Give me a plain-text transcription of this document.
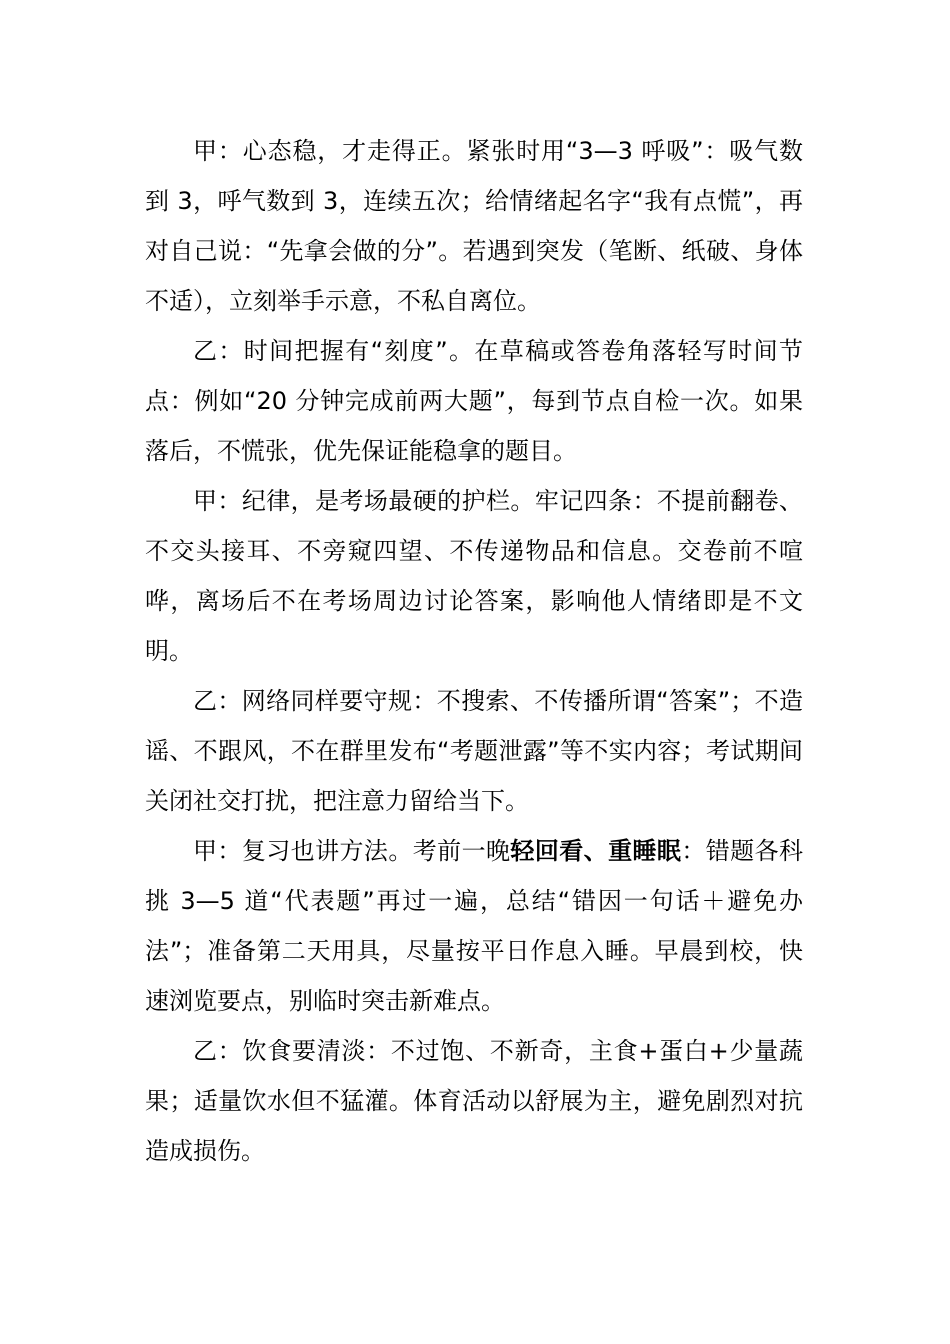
甲：心态稳，才走得正。紧张时用“3—3 呼吸”：吸气数到 3，呼气数到 3，连续五次；给情绪起名字“我有点慌”，再对自己说：“先拿会做的分”。若遇到突发（笔断、纸破、身体不适），立刻举手示意，不私自离位。

乙：时间把握有“刻度”。在草稿或答卷角落轻写时间节点：例如“20 分钟完成前两大题”，每到节点自检一次。如果落后，不慌张，优先保证能稳拿的题目。

甲：纪律，是考场最硬的护栏。牢记四条：不提前翻卷、不交头接耳、不旁窥四望、不传递物品和信息。交卷前不喧哗，离场后不在考场周边讨论答案，影响他人情绪即是不文明。

乙：网络同样要守规：不搜索、不传播所谓“答案”；不造谣、不跟风，不在群里发布“考题泄露”等不实内容；考试期间关闭社交打扰，把注意力留给当下。

甲：复习也讲方法。考前一晚轻回看、重睡眠：错题各科挑 3—5 道“代表题”再过一遍，总结“错因一句话＋避免办法”；准备第二天用具，尽量按平日作息入睡。早晨到校，快速浏览要点，别临时突击新难点。

乙：饮食要清淡：不过饱、不新奇，主食+蛋白+少量蔬果；适量饮水但不猛灌。体育活动以舒展为主，避免剧烈对抗造成损伤。
